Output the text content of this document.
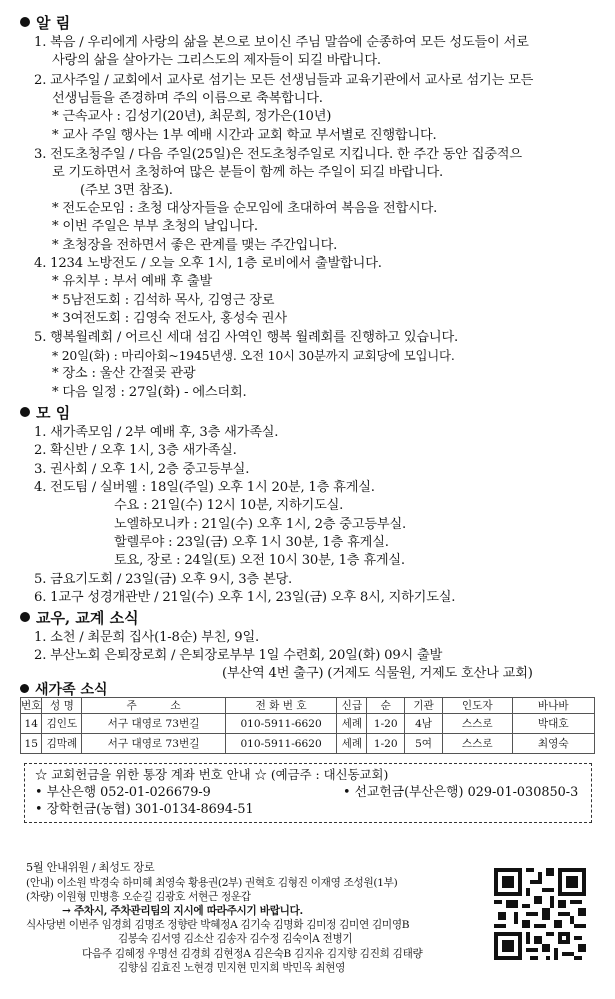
알 림
1. 복음 / 우리에게 사랑의 삶을 본으로 보이신 주님 말씀에 순종하여 모든 성도들이 서로
사랑의 삶을 살아가는 그리스도의 제자들이 되길 바랍니다.
2. 교사주일 / 교회에서 교사로 섬기는 모든 선생님들과 교육기관에서 교사로 섬기는 모든
선생님들을 존경하며 주의 이름으로 축복합니다.
* 근속교사 : 김성기(20년), 최문희, 정가은(10년)
* 교사 주일 행사는 1부 예배 시간과 교회 학교 부서별로 진행합니다.
3. 전도초청주일 / 다음 주일(25일)은 전도초청주일로 지킵니다. 한 주간 동안 집중적으
로 기도하면서 초청하여 많은 분들이 함께 하는 주일이 되길 바랍니다.
(주보 3면 참조).
* 전도순모임 : 초청 대상자들을 순모임에 초대하여 복음을 전합시다.
* 이번 주일은 부부 초청의 날입니다.
* 초청장을 전하면서 좋은 관계를 맺는 주간입니다.
4. 1234 노방전도 / 오늘 오후 1시, 1층 로비에서 출발합니다.
* 유치부 : 부서 예배 후 출발
* 5남전도회 : 김석하 목사, 김영근 장로
* 3여전도회 : 김영숙 전도사, 홍성숙 권사
5. 행복월례회 / 어르신 세대 섬김 사역인 행복 월례회를 진행하고 있습니다.
* 20일(화) : 마리아회~1945년생. 오전 10시 30분까지 교회당에 모입니다.
* 장소 : 울산 간절곶 관광
* 다음 일정 : 27일(화) - 에스더회.
모 임
1. 새가족모임 / 2부 예배 후, 3층 새가족실.
2. 확신반 / 오후 1시, 3층 새가족실.
3. 권사회 / 오후 1시, 2층 중고등부실.
4. 전도팀 / 실버웰 : 18일(주일) 오후 1시 20분, 1층 휴게실.
수요 : 21일(수) 12시 10분, 지하기도실.
노엘하모니카 : 21일(수) 오후 1시, 2층 중고등부실.
할렐루야 : 23일(금) 오후 1시 30분, 1층 휴게실.
토요, 장로 : 24일(토) 오전 10시 30분, 1층 휴게실.
5. 금요기도회 / 23일(금) 오후 9시, 3층 본당.
6. 1교구 성경개관반 / 21일(수) 오후 1시, 23일(금) 오후 8시, 지하기도실.
교우, 교계 소식
1. 소천 / 최문희 집사(1-8순) 부친, 9일.
2. 부산노회 은퇴장로회 / 은퇴장로부부 1일 수련회, 20일(화) 09시 출발
(부산역 4번 출구) (거제도 식물원, 거제도 호산나 교회)
새가족 소식
번호	성 명	주          소	전 화 번 호	신급	순	기관	인도자	바나바
14	김인도	서구 대영로 73번길	010-5911-6620	세례	1-20	4남	스스로	박대호
15	김막례	서구 대영로 73번길	010-5911-6620	세례	1-20	5여	스스로	최영숙
☆ 교회헌금을 위한 통장 계좌 번호 안내 ☆ (예금주 : 대신동교회)
• 부산은행 052-01-026679-9	• 선교헌금(부산은행) 029-01-030850-3
• 장학헌금(농협) 301-0134-8694-51
5월 안내위원 / 최성도 장로
(안내) 이소원 박경숙 하미혜 최영숙 황용권(2부) 권혁호 김형진 이재영 조성원(1부)
(차량) 이원형 민병흥 오순길 김광호 서현근 정운갑
→ 주차시, 주차관리팀의 지시에 따라주시기 바랍니다.
식사당번 이번주 임경희 김명조 정향란 박혜정A 김기숙 김명화 김미정 김미연 김미영B
김봉숙 김서영 김소산 김송자 김수정 김숙이A 전병기
다음주 김혜정 우명선 김경희 김현정A 김은숙B 김지유 김지향 김진희 김태량
김향심 김효진 노현경 민지현 민지희 박민옥 최현영
